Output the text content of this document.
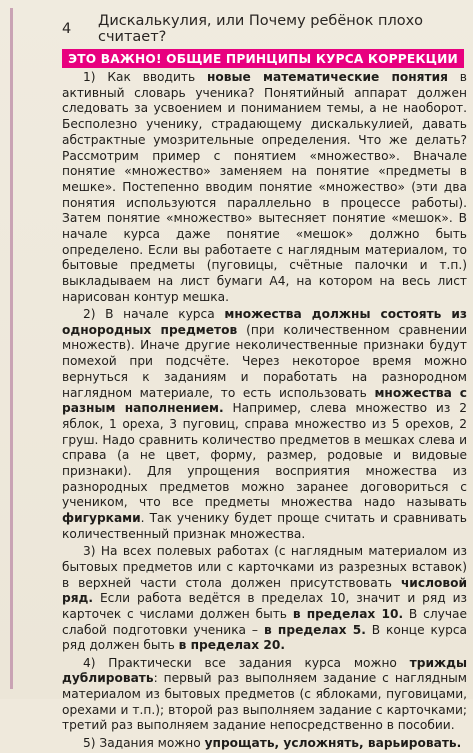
4	Дискалькулия, или Почему ребёнок плохо считает?
ЭТО ВАЖНО! ОБЩИЕ ПРИНЦИПЫ КУРСА КОРРЕКЦИИ

1) Как вводить новые математические понятия в активный словарь ученика? Понятийный аппарат должен следовать за усвоением и пониманием темы, а не наоборот. Бесполезно ученику, страдающему дискалькулией, давать абстрактные умозрительные определения. Что же делать? Рассмотрим пример с понятием «множество». Вначале понятие «множество» заменяем на понятие «предметы в мешке». Постепенно вводим понятие «множество» (эти два понятия используются параллельно в процессе работы). Затем понятие «множество» вытесняет понятие «мешок». В начале курса даже понятие «мешок» должно быть определено. Если вы работаете с наглядным материалом, то бытовые предметы (пуговицы, счётные палочки и т.п.) выкладываем на лист бумаги А4, на котором на весь лист нарисован контур мешка.

2) В начале курса множества должны состоять из однородных предметов (при количественном сравнении множеств). Иначе другие неколичественные признаки будут помехой при подсчёте. Через некоторое время можно вернуться к заданиям и поработать на разнородном наглядном материале, то есть использовать множества с разным наполнением. Например, слева множество из 2 яблок, 1 ореха, 3 пуговиц, справа множество из 5 орехов, 2 груш. Надо сравнить количество предметов в мешках слева и справа (а не цвет, форму, размер, родовые и видовые признаки). Для упрощения восприятия множества из разнородных предметов можно заранее договориться с учеником, что все предметы множества надо называть фигурками. Так ученику будет проще считать и сравнивать количественный признак множества.

3) На всех полевых работах (с наглядным материалом из бытовых предметов или с карточками из разрезных вставок) в верхней части стола должен присутствовать числовой ряд. Если работа ведётся в пределах 10, значит и ряд из карточек с числами должен быть в пределах 10. В случае слабой подготовки ученика – в пределах 5. В конце курса ряд должен быть в пределах 20.

4) Практически все задания курса можно трижды дублировать: первый раз выполняем задание с наглядным материалом из бытовых предметов (с яблоками, пуговицами, орехами и т.п.); второй раз выполняем задание с карточками; третий раз выполняем задание непосредственно в пособии.

5) Задания можно упрощать, усложнять, варьировать.
